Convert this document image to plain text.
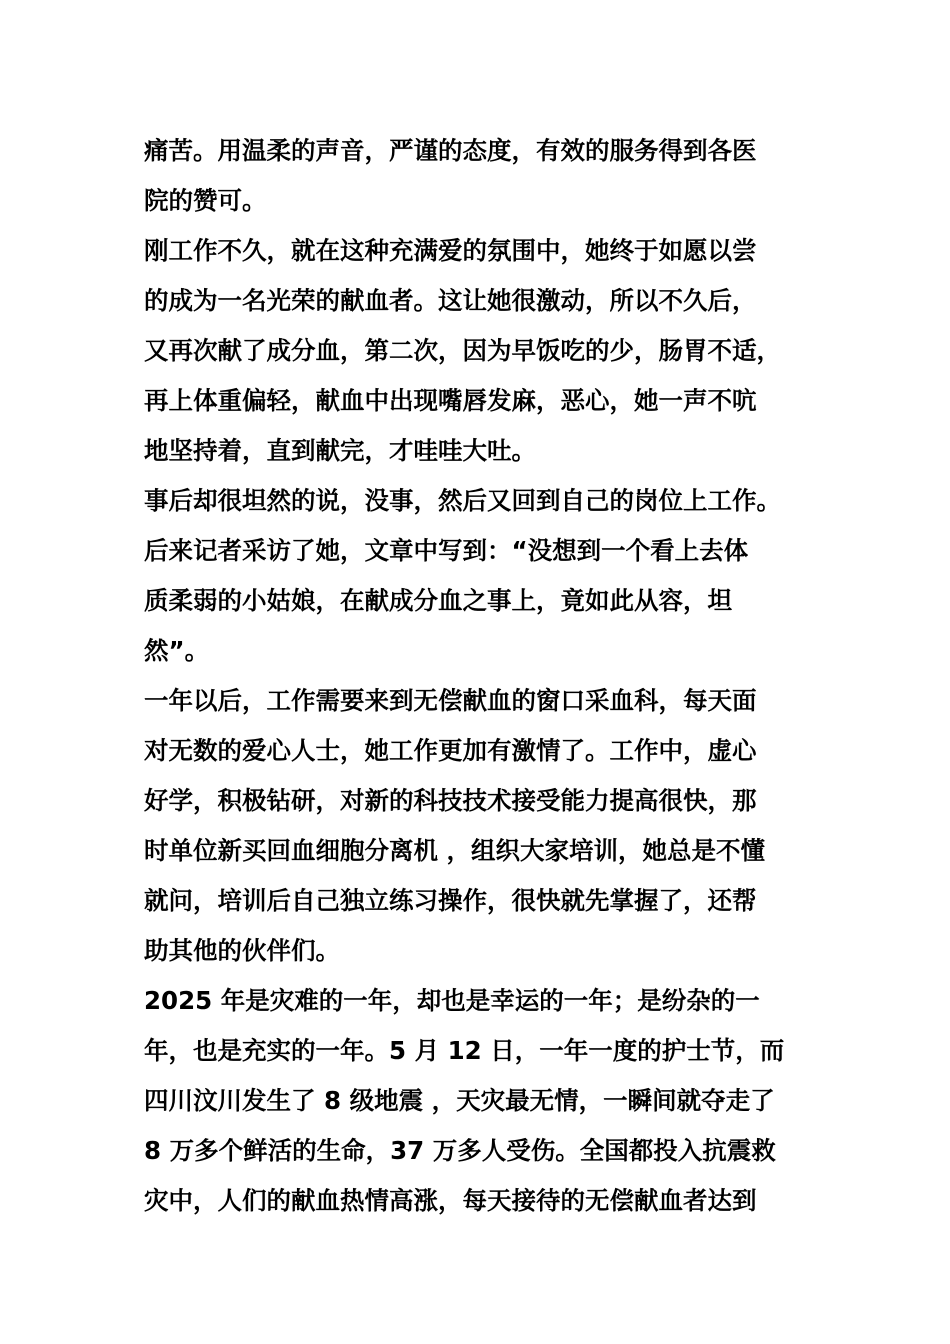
痛苦。用温柔的声音，严谨的态度，有效的服务得到各医
院的赞可。
刚工作不久，就在这种充满爱的氛围中，她终于如愿以尝
的成为一名光荣的献血者。这让她很激动，所以不久后，
又再次献了成分血，第二次，因为早饭吃的少，肠胃不适，
再上体重偏轻，献血中出现嘴唇发麻，恶心，她一声不吭
地坚持着，直到献完，才哇哇大吐。
事后却很坦然的说，没事，然后又回到自己的岗位上工作。
后来记者采访了她，文章中写到：“没想到一个看上去体
质柔弱的小姑娘，在献成分血之事上，竟如此从容，坦
然”。
一年以后，工作需要来到无偿献血的窗口采血科，每天面
对无数的爱心人士，她工作更加有激情了。工作中，虚心
好学，积极钻研，对新的科技技术接受能力提高很快，那
时单位新买回血细胞分离机 ，组织大家培训，她总是不懂
就问，培训后自己独立练习操作，很快就先掌握了，还帮
助其他的伙伴们。
2025 年是灾难的一年，却也是幸运的一年；是纷杂的一
年，也是充实的一年。5 月 12 日，一年一度的护士节，而
四川汶川发生了 8 级地震 ，天灾最无情，一瞬间就夺走了
8 万多个鲜活的生命，37 万多人受伤。全国都投入抗震救
灾中，人们的献血热情高涨，每天接待的无偿献血者达到
